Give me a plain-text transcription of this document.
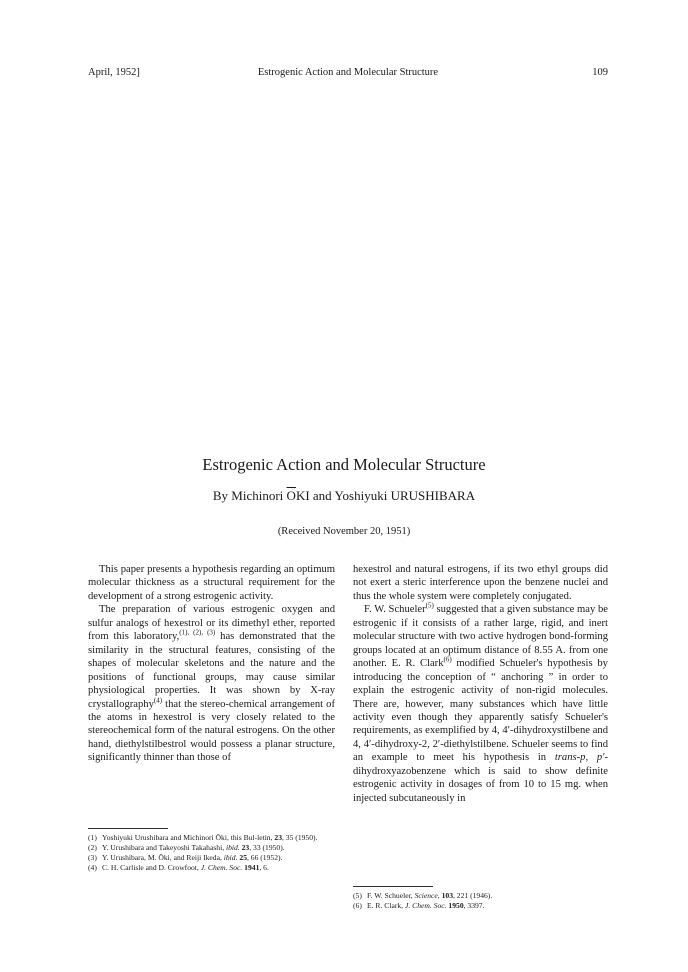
April, 1952]	Estrogenic Action and Molecular Structure	109
Estrogenic Action and Molecular Structure
By Michinori $\overline{O}KI$ and Yoshiyuki URUSHIBARA
(Received November 20, 1951)

This paper presents a hypothesis regarding an optimum molecular thickness as a structural requirement for the development of a strong estrogenic activity.

The preparation of various estrogenic oxygen and sulfur analogs of hexestrol or its dimethyl ether, reported from this laboratory,$^{(1), (2), (3)}$ has demonstrated that the similarity in the structural features, consisting of the shapes of molecular skeletons and the nature and the positions of functional groups, may cause similar physiological properties. It was shown by X-ray crystallography$^{(4)}$ that the stereo-chemical arrangement of the atoms in hexestrol is very closely related to the stereochemical form of the natural estrogens. On the other hand, diethylstilbestrol would possess a planar structure, significantly thinner than those of

hexestrol and natural estrogens, if its two ethyl groups did not exert a steric interference upon the benzene nuclei and thus the whole system were completely conjugated.

F. W. Schueler$^{(5)}$ suggested that a given substance may be estrogenic if it consists of a rather large, rigid, and inert molecular structure with two active hydrogen bond-forming groups located at an optimum distance of 8.55 A. from one another. E. R. Clark$^{(6)}$ modified Schueler's hypothesis by introducing the conception of “ anchoring ” in order to explain the estrogenic activity of non-rigid molecules. There are, however, many substances which have little activity even though they apparently satisfy Schueler's requirements, as exemplified by 4, 4′-dihydroxystilbene and 4, 4′-dihydroxy-2, 2′-diethylstilbene. Schueler seems to find an example to meet his hypothesis in trans-p, p′-dihydroxyazobenzene which is said to show definite estrogenic activity in dosages of from 10 to 15 mg. when injected subcutaneously in

(1) Yoshiyuki Urushibara and Michinori Ōki, this Bul-letin, 23, 35 (1950).

(2) Y. Urushibara and Takeyoshi Takahashi, ibid. 23, 33 (1950).

(3) Y. Urushibara, M. Ōki, and Reiji Ikeda, ibid. 25, 66 (1952).

(4) C. H. Carlisle and D. Crowfoot, J. Chem. Soc. 1941, 6.

(5) F. W. Schueler, Science, 103, 221 (1946).

(6) E. R. Clark, J. Chem. Soc. 1950, 3397.
